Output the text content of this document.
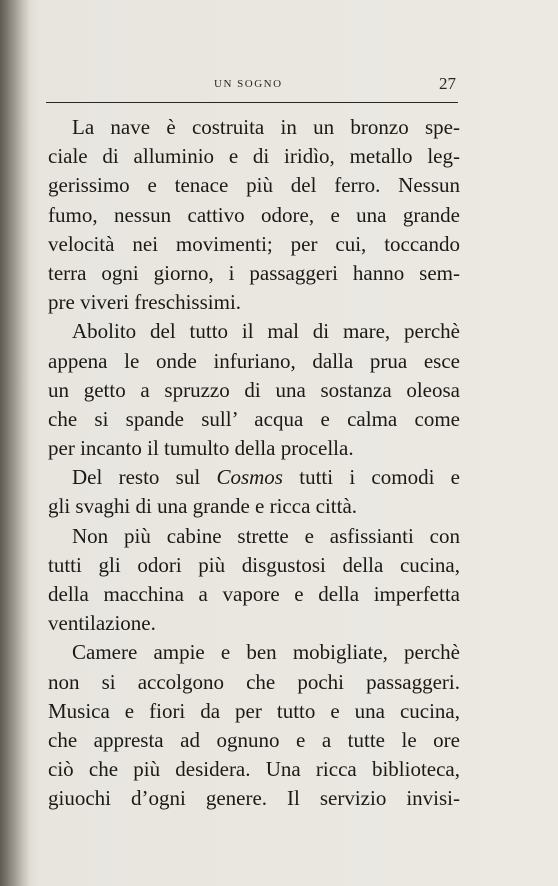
UN SOGNO	27
La nave è costruita in un bronzo spe-
ciale di alluminio e di iridìo, metallo leg-
gerissimo e tenace più del ferro. Nessun
fumo, nessun cattivo odore, e una grande
velocità nei movimenti; per cui, toccando
terra ogni giorno, i passaggeri hanno sem-
pre viveri freschissimi.
Abolito del tutto il mal di mare, perchè
appena le onde infuriano, dalla prua esce
un getto a spruzzo di una sostanza oleosa
che si spande sull’ acqua e calma come
per incanto il tumulto della procella.
Del resto sul Cosmos tutti i comodi e
gli svaghi di una grande e ricca città.
Non più cabine strette e asfissianti con
tutti gli odori più disgustosi della cucina,
della macchina a vapore e della imperfetta
ventilazione.
Camere ampie e ben mobigliate, perchè
non si accolgono che pochi passaggeri.
Musica e fiori da per tutto e una cucina,
che appresta ad ognuno e a tutte le ore
ciò che più desidera. Una ricca biblioteca,
giuochi d’ogni genere. Il servizio invisi-
